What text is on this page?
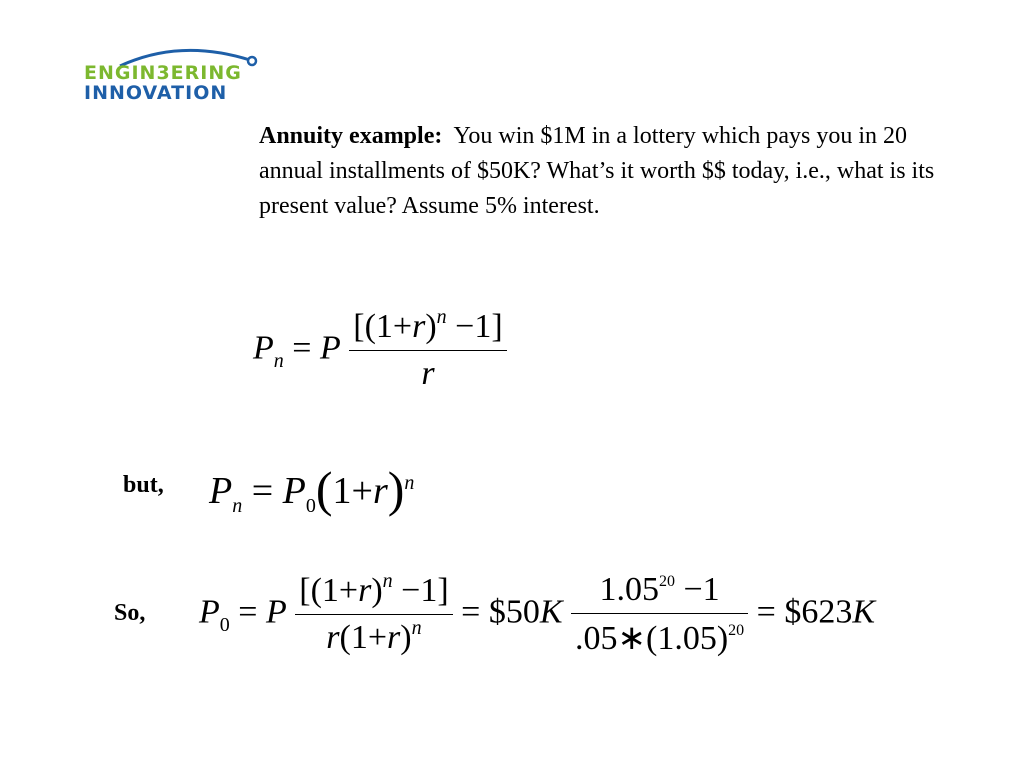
ENGIN3ERING
INNOVATION
Annuity example: You win $1M in a lottery which pays you in 20 annual installments of $50K? What’s it worth $$ today, i.e., what is its present value? Assume 5% interest.
$P_n = P \frac{[(1+r)^n -1]}{r}$
but, $P_n = P_0(1+r)^n$
So, $P_0 = P \frac{[(1+r)^n -1]}{r(1+r)^n}$ = $50K $\frac{1.05^{20} -1}{.05∗(1.05)^{20}}$ = $623K
